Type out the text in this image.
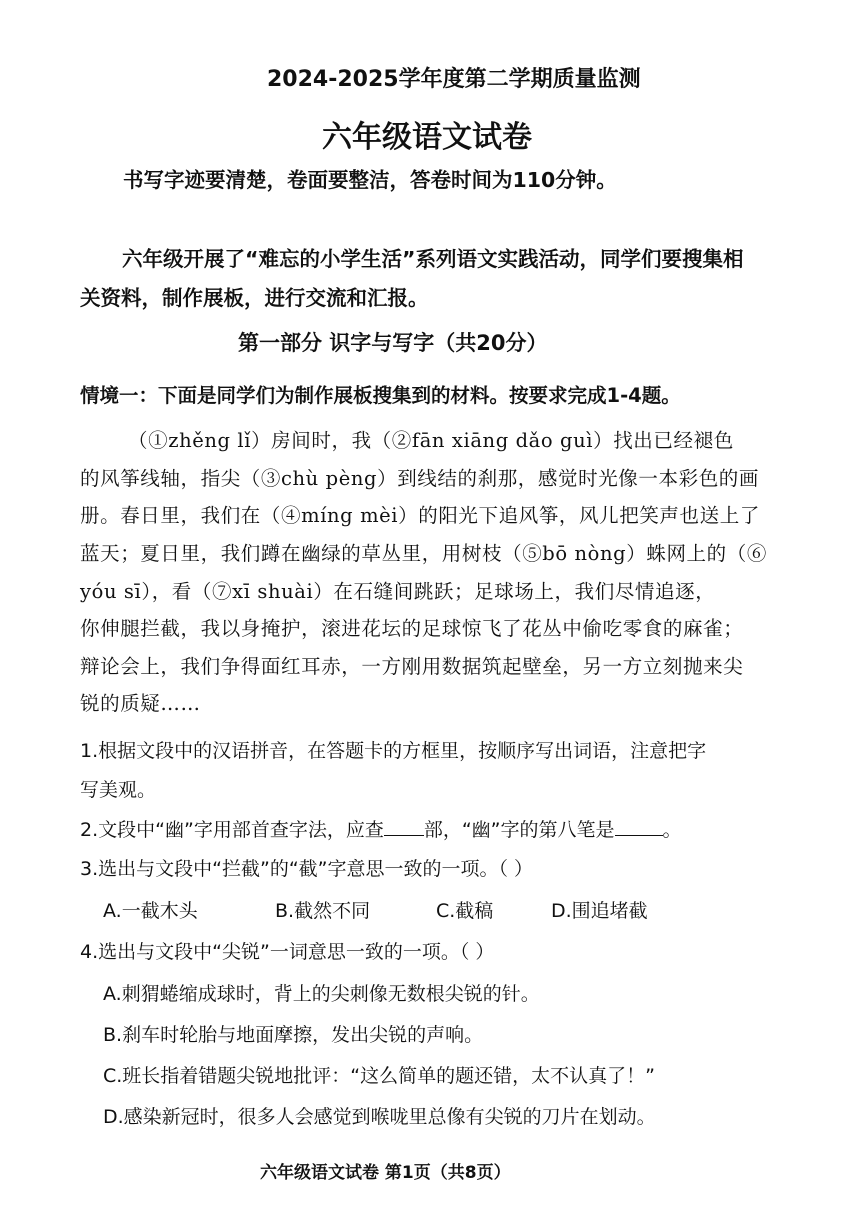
2024-2025学年度第二学期质量监测
六年级语文试卷
书写字迹要清楚，卷面要整洁，答卷时间为110分钟。
六年级开展了“难忘的小学生活”系列语文实践活动，同学们要搜集相
关资料，制作展板，进行交流和汇报。
第一部分 识字与写字（共20分）
情境一：下面是同学们为制作展板搜集到的材料。按要求完成1-4题。
（①zhěng lǐ）房间时，我（②fān xiāng dǎo guì）找出已经褪色
的风筝线轴，指尖（③chù pèng）到线结的刹那，感觉时光像一本彩色的画
册。春日里，我们在（④míng mèi）的阳光下追风筝，风儿把笑声也送上了
蓝天；夏日里，我们蹲在幽绿的草丛里，用树枝（⑤bō nòng）蛛网上的（⑥
yóu sī），看（⑦xī shuài）在石缝间跳跃；足球场上，我们尽情追逐，
你伸腿拦截，我以身掩护，滚进花坛的足球惊飞了花丛中偷吃零食的麻雀；
辩论会上，我们争得面红耳赤，一方刚用数据筑起壁垒，另一方立刻抛来尖
锐的质疑……
1.根据文段中的汉语拼音，在答题卡的方框里，按顺序写出词语，注意把字
写美观。
2.文段中“幽”字用部首查字法，应查 部，“幽”字的第八笔是	。
3.选出与文段中“拦截”的“截”字意思一致的一项。（ ）
A.一截木头	B.截然不同	C.截稿	D.围追堵截
4.选出与文段中“尖锐”一词意思一致的一项。（ ）
A.刺猬蜷缩成球时，背上的尖刺像无数根尖锐的针。
B.刹车时轮胎与地面摩擦，发出尖锐的声响。
C.班长指着错题尖锐地批评：“这么简单的题还错，太不认真了！”
D.感染新冠时，很多人会感觉到喉咙里总像有尖锐的刀片在划动。
六年级语文试卷 第1页（共8页）
